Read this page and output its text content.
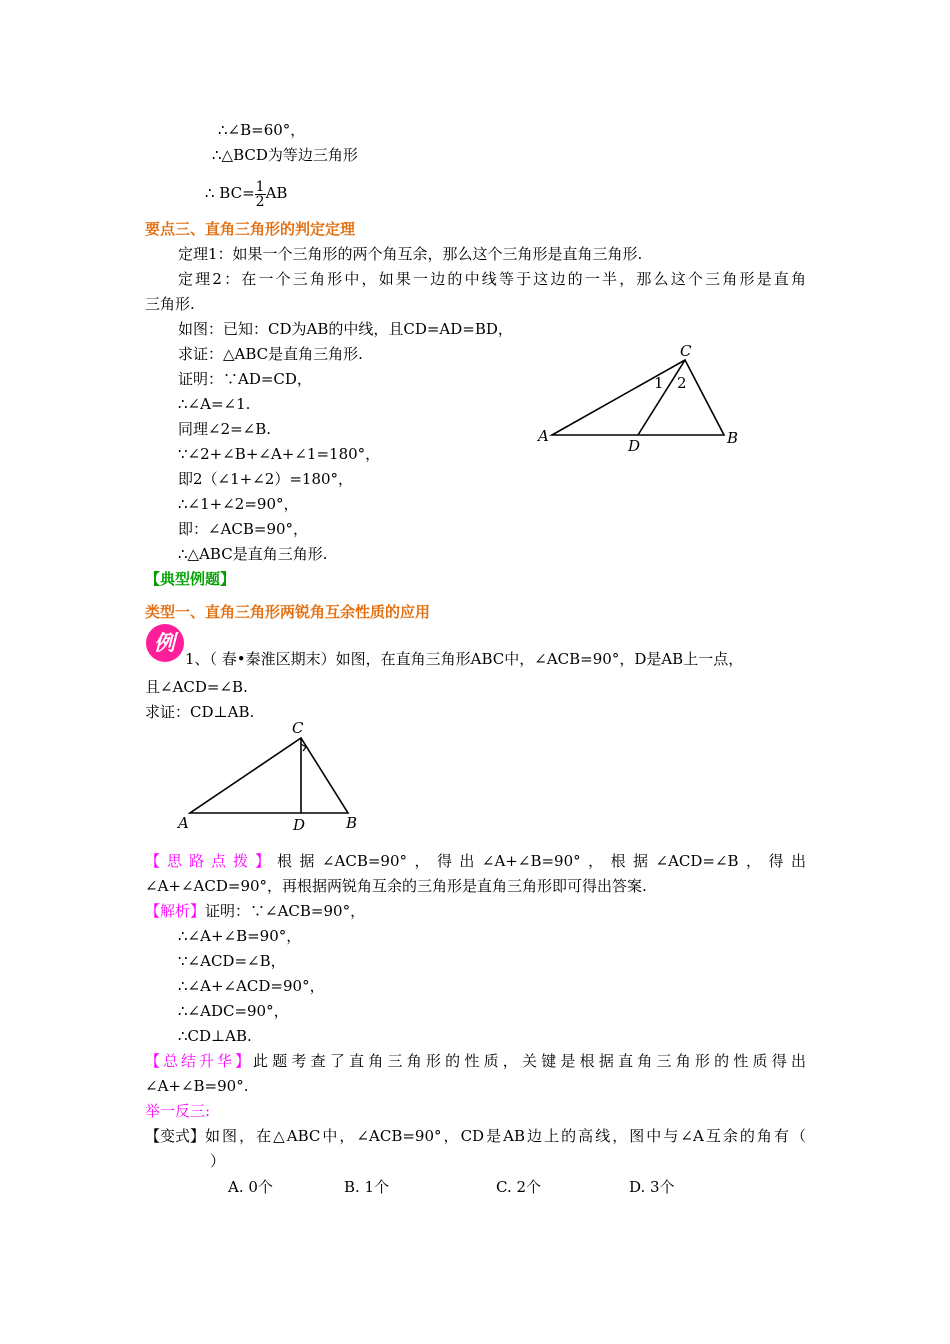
∴∠B=60°，
∴△BCD为等边三角形
∴ $BC= \frac{1}{2}$ AB
要点三、直角三角形的判定定理
定理1：如果一个三角形的两个角互余，那么这个三角形是直角三角形.
定理2：在一个三角形中，如果一边的中线等于这边的一半，那么这个三角形是直角
三角形.
如图：已知：CD为AB的中线，且CD=AD=BD，
求证：△ABC是直角三角形.
证明：∵AD=CD，
∴∠A=∠1.
同理∠2=∠B.
∵∠2+∠B+∠A+∠1=180°，
即2（∠1+∠2）=180°，
∴∠1+∠2=90°，
即：∠ACB=90°，
∴△ABC是直角三角形.
A	B
C
D
1 2
【典型例题】
类型一、直角三角形两锐角互余性质的应用
例
1、（ 春•秦淮区期末）如图，在直角三角形ABC中，∠ACB=90°，D是AB上一点，
且∠ACD=∠B.
求证：CD⊥AB.
A	B
C
D
【思路点拨】 根据∠ACB=90°，得出∠A+∠B=90°，根据∠ACD=∠B，得出
∠A+∠ACD=90°，再根据两锐角互余的三角形是直角三角形即可得出答案.
【解析】证明：∵∠ACB=90°，
∴∠A+∠B=90°，
∵∠ACD=∠B，
∴∠A+∠ACD=90°，
∴∠ADC=90°，
∴CD⊥AB.
【总结升华】 此题考查了直角三角形的性质，关键是根据直角三角形的性质得出
∠A+∠B=90°.
举一反三:
【变式】 如图，在△ABC中，∠ACB=90°，CD是AB边上的高线，图中与∠A互余的角有（
）
A. 0个	B. 1个	C. 2个	D. 3个
